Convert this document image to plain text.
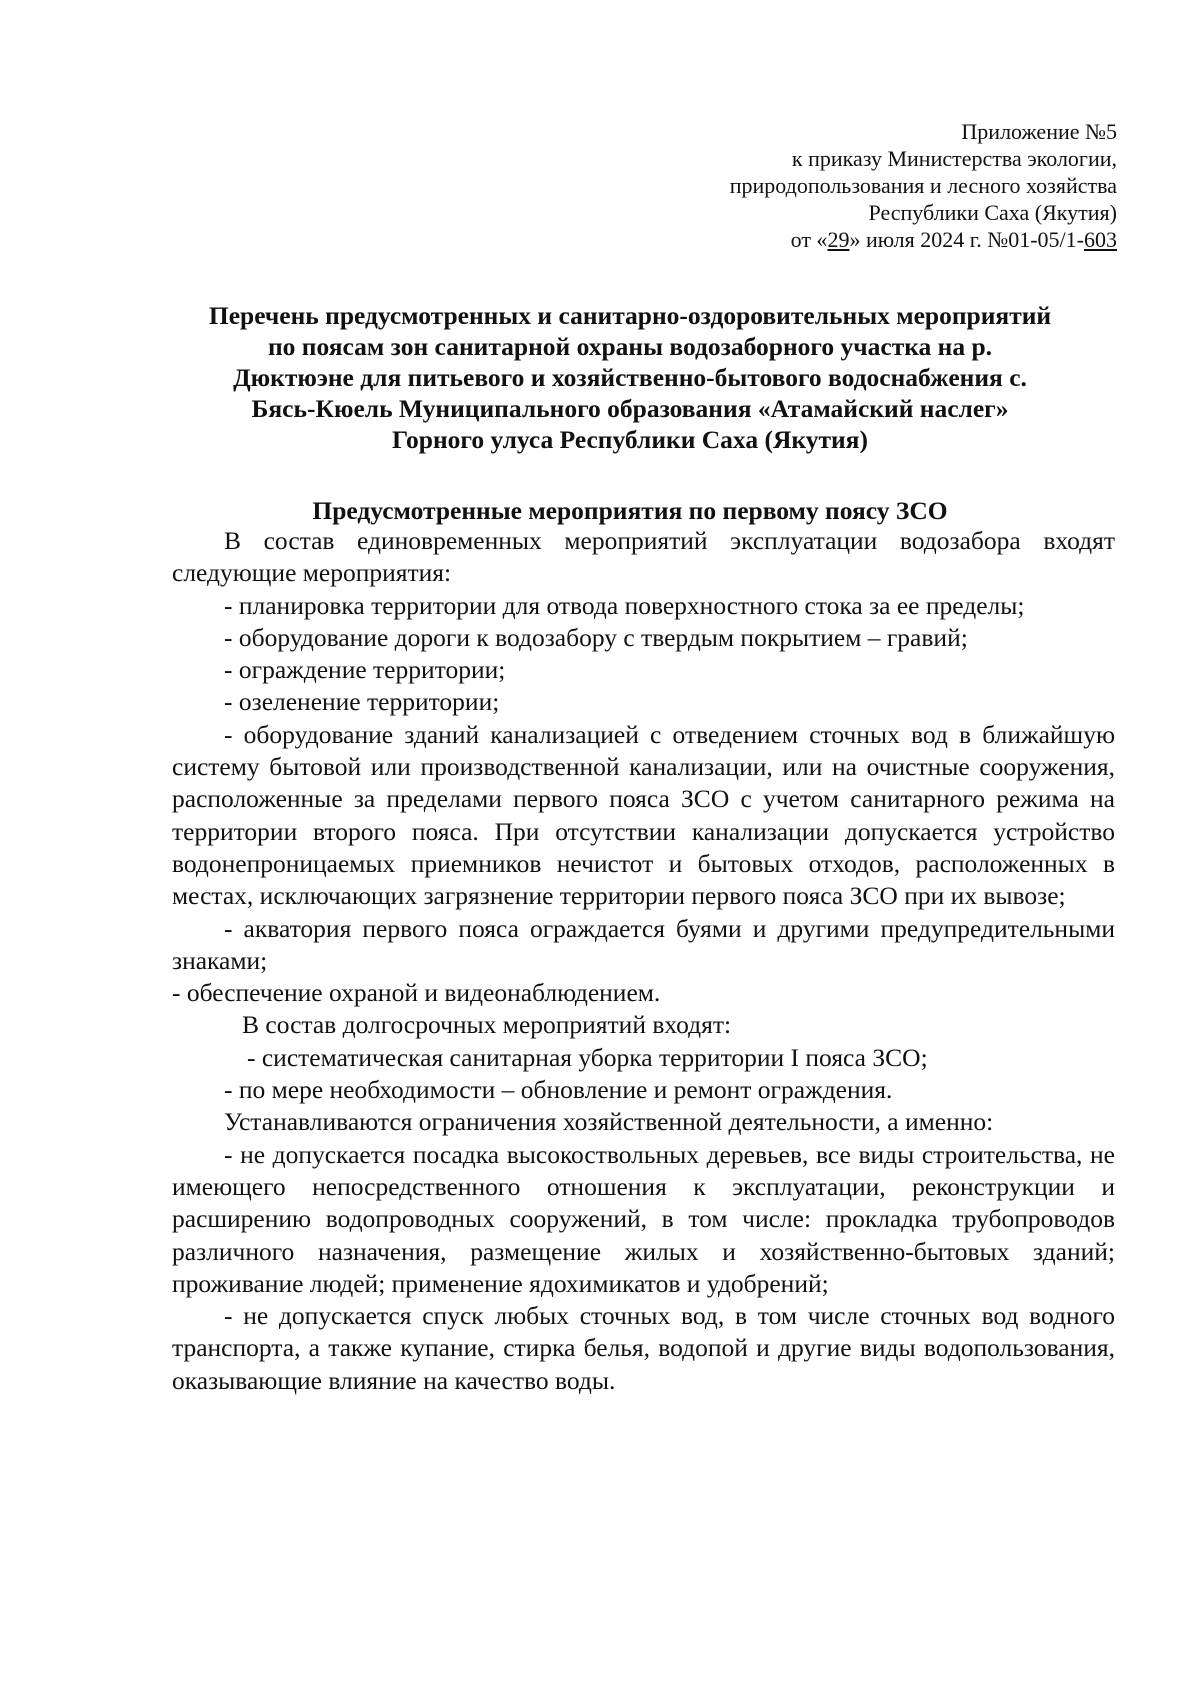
Приложение №5
к приказу Министерства экологии,
природопользования и лесного хозяйства
Республики Саха (Якутия)
от «29» июля 2024 г. №01-05/1-603
Перечень предусмотренных и санитарно-оздоровительных мероприятий
по поясам зон санитарной охраны водозаборного участка на р.
Дюктюэне для питьевого и хозяйственно-бытового водоснабжения с.
Бясь-Кюель Муниципального образования «Атамайский наслег»
Горного улуса Республики Саха (Якутия)
Предусмотренные мероприятия по первому поясу ЗСО

В состав единовременных мероприятий эксплуатации водозабора входят следующие мероприятия:

- планировка территории для отвода поверхностного стока за ее пределы;

- оборудование дороги к водозабору с твердым покрытием – гравий;

- ограждение территории;

- озеленение территории;

- оборудование зданий канализацией с отведением сточных вод в ближайшую систему бытовой или производственной канализации, или на очистные сооружения, расположенные за пределами первого пояса ЗСО с учетом санитарного режима на территории второго пояса. При отсутствии канализации допускается устройство водонепроницаемых приемников нечистот и бытовых отходов, расположенных в местах, исключающих загрязнение территории первого пояса ЗСО при их вывозе;

- акватория первого пояса ограждается буями и другими предупредительными знаками;

- обеспечение охраной и видеонаблюдением.

В состав долгосрочных мероприятий входят:

- систематическая санитарная уборка территории I пояса ЗСО;

- по мере необходимости – обновление и ремонт ограждения.

Устанавливаются ограничения хозяйственной деятельности, а именно:

- не допускается посадка высокоствольных деревьев, все виды строительства, не имеющего непосредственного отношения к эксплуатации, реконструкции и расширению водопроводных сооружений, в том числе: прокладка трубопроводов различного назначения, размещение жилых и хозяйственно-бытовых зданий; проживание людей; применение ядохимикатов и удобрений;

- не допускается спуск любых сточных вод, в том числе сточных вод водного транспорта, а также купание, стирка белья, водопой и другие виды водопользования, оказывающие влияние на качество воды.
